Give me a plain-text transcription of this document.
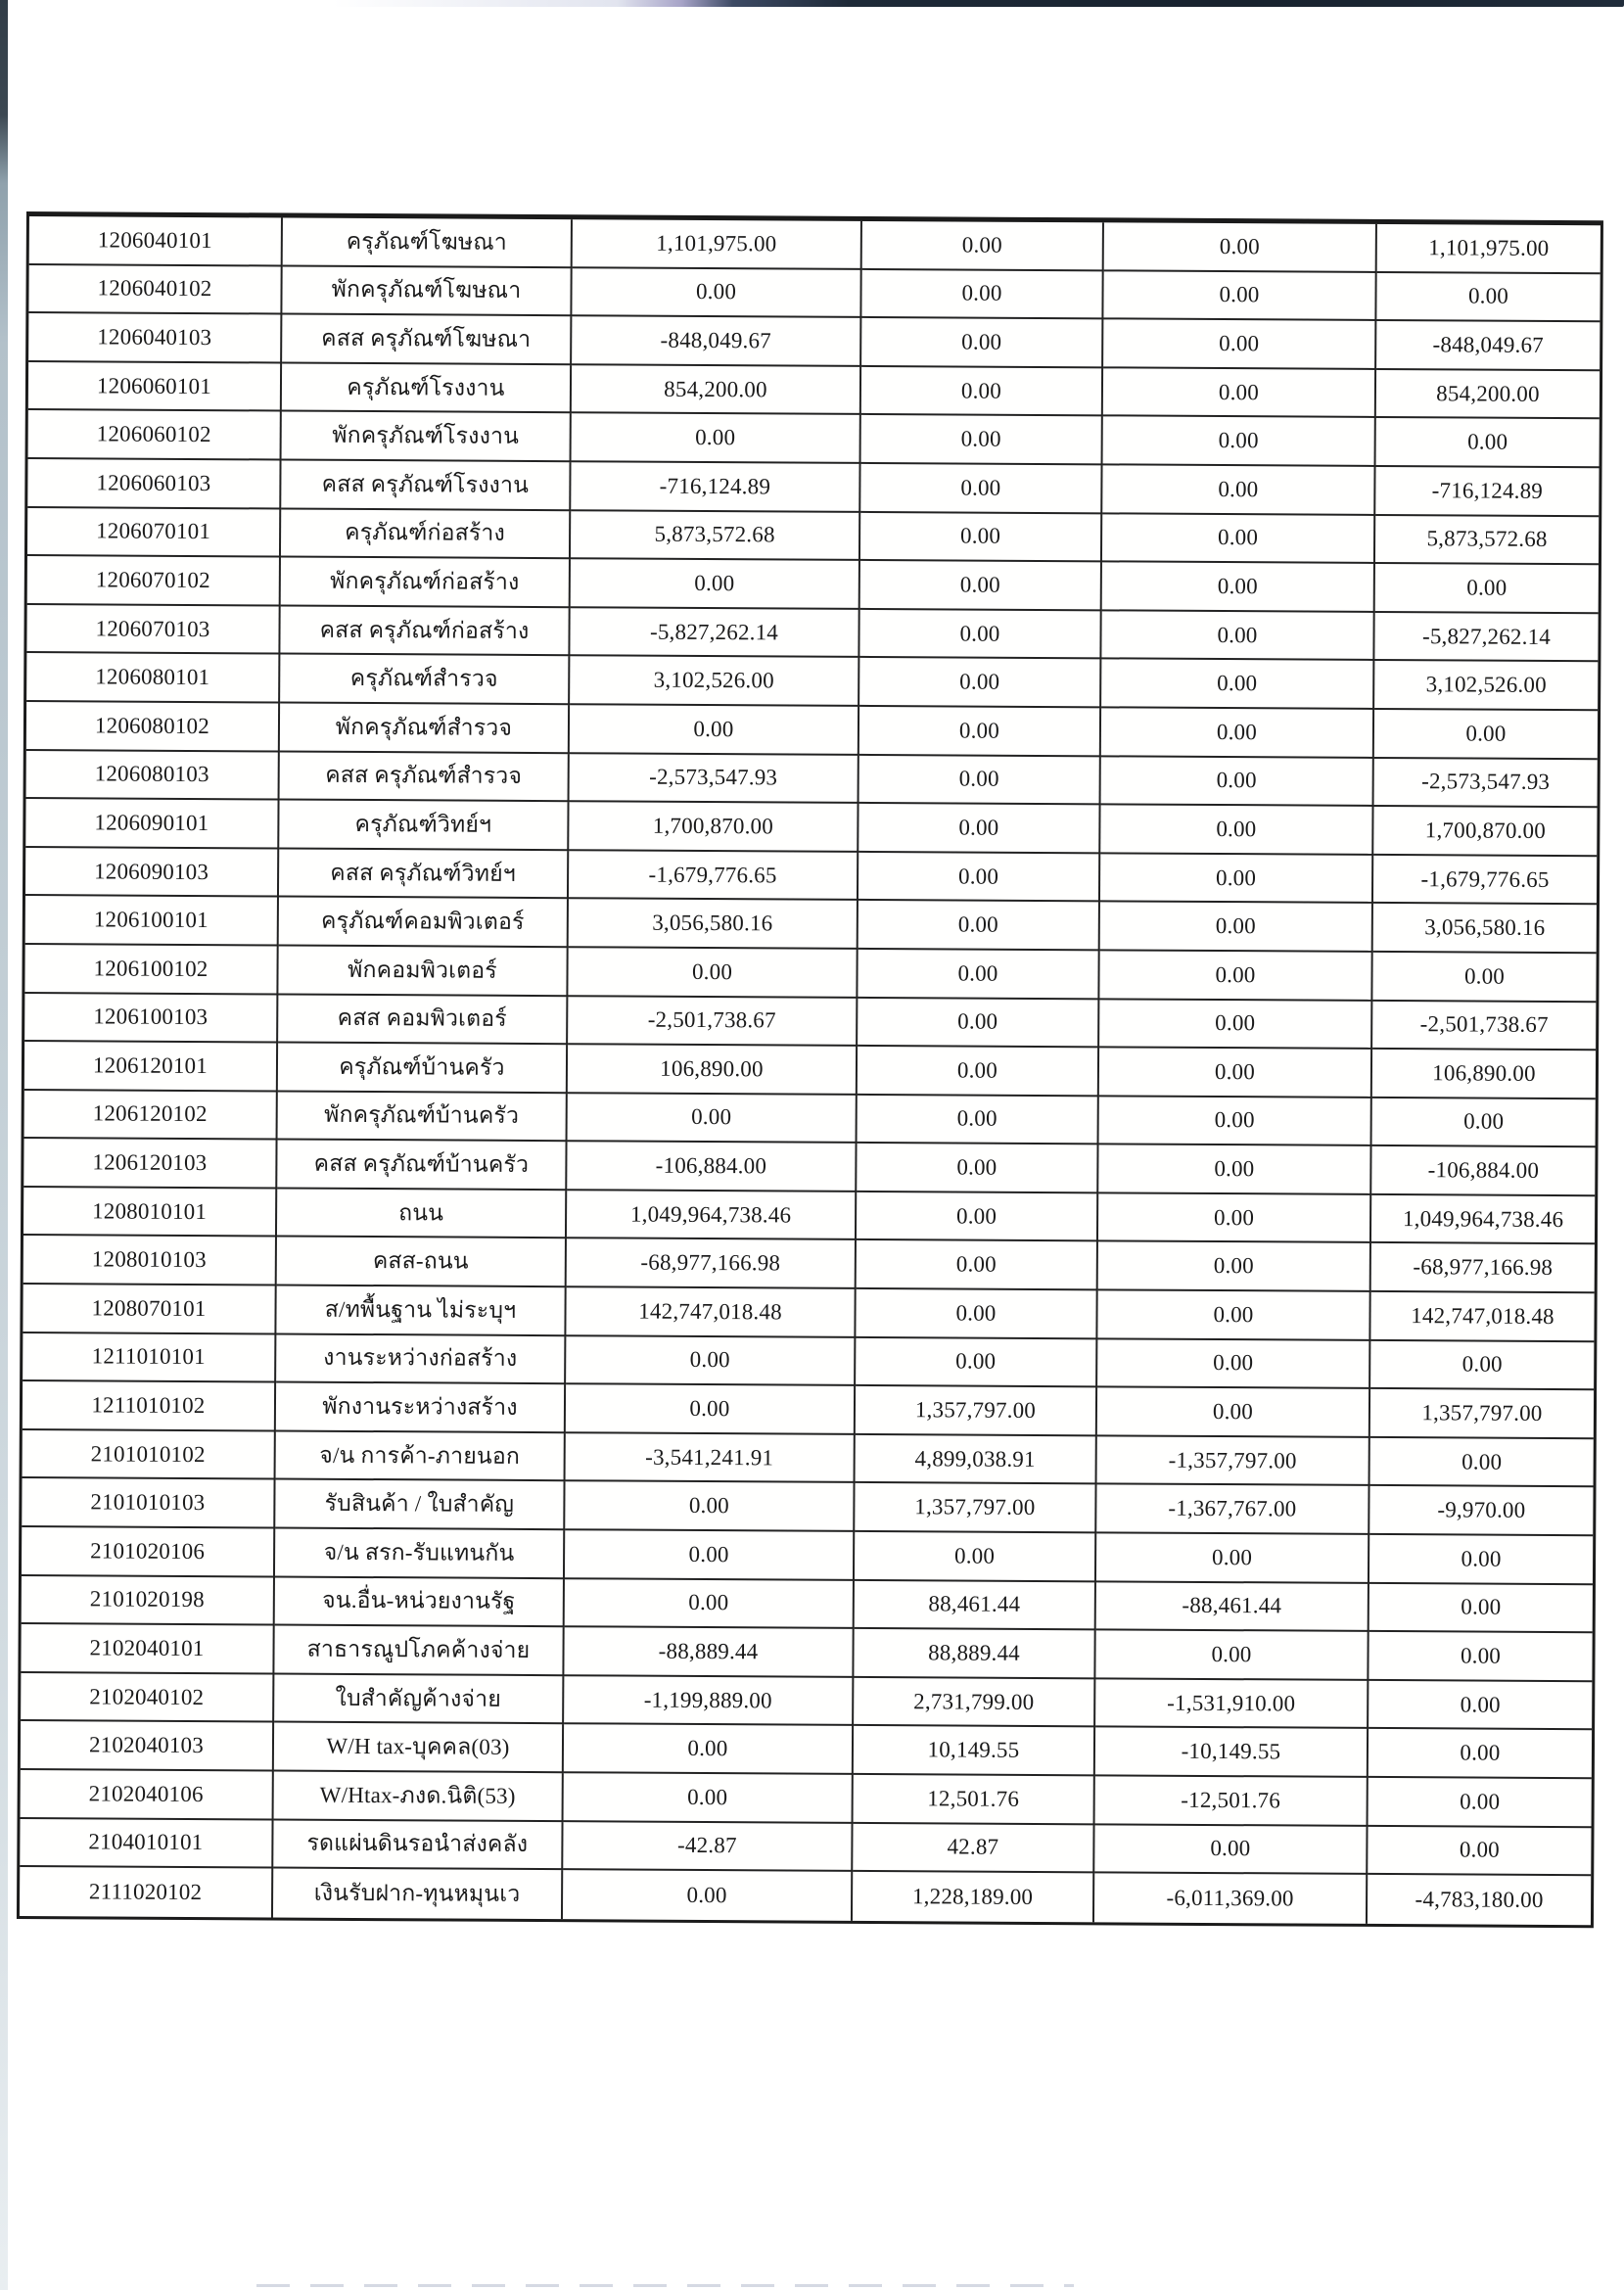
1206040101	ครุภัณฑ์โฆษณา	1,101,975.00	0.00	0.00	1,101,975.00
1206040102	พักครุภัณฑ์โฆษณา	0.00	0.00	0.00	0.00
1206040103	คสส ครุภัณฑ์โฆษณา	-848,049.67	0.00	0.00	-848,049.67
1206060101	ครุภัณฑ์โรงงาน	854,200.00	0.00	0.00	854,200.00
1206060102	พักครุภัณฑ์โรงงาน	0.00	0.00	0.00	0.00
1206060103	คสส ครุภัณฑ์โรงงาน	-716,124.89	0.00	0.00	-716,124.89
1206070101	ครุภัณฑ์ก่อสร้าง	5,873,572.68	0.00	0.00	5,873,572.68
1206070102	พักครุภัณฑ์ก่อสร้าง	0.00	0.00	0.00	0.00
1206070103	คสส ครุภัณฑ์ก่อสร้าง	-5,827,262.14	0.00	0.00	-5,827,262.14
1206080101	ครุภัณฑ์สำรวจ	3,102,526.00	0.00	0.00	3,102,526.00
1206080102	พักครุภัณฑ์สำรวจ	0.00	0.00	0.00	0.00
1206080103	คสส ครุภัณฑ์สำรวจ	-2,573,547.93	0.00	0.00	-2,573,547.93
1206090101	ครุภัณฑ์วิทย์ฯ	1,700,870.00	0.00	0.00	1,700,870.00
1206090103	คสส ครุภัณฑ์วิทย์ฯ	-1,679,776.65	0.00	0.00	-1,679,776.65
1206100101	ครุภัณฑ์คอมพิวเตอร์	3,056,580.16	0.00	0.00	3,056,580.16
1206100102	พักคอมพิวเตอร์	0.00	0.00	0.00	0.00
1206100103	คสส คอมพิวเตอร์	-2,501,738.67	0.00	0.00	-2,501,738.67
1206120101	ครุภัณฑ์บ้านครัว	106,890.00	0.00	0.00	106,890.00
1206120102	พักครุภัณฑ์บ้านครัว	0.00	0.00	0.00	0.00
1206120103	คสส ครุภัณฑ์บ้านครัว	-106,884.00	0.00	0.00	-106,884.00
1208010101	ถนน	1,049,964,738.46	0.00	0.00	1,049,964,738.46
1208010103	คสส-ถนน	-68,977,166.98	0.00	0.00	-68,977,166.98
1208070101	ส/ทพื้นฐาน ไม่ระบุฯ	142,747,018.48	0.00	0.00	142,747,018.48
1211010101	งานระหว่างก่อสร้าง	0.00	0.00	0.00	0.00
1211010102	พักงานระหว่างสร้าง	0.00	1,357,797.00	0.00	1,357,797.00
2101010102	จ/น การค้า-ภายนอก	-3,541,241.91	4,899,038.91	-1,357,797.00	0.00
2101010103	รับสินค้า / ใบสำคัญ	0.00	1,357,797.00	-1,367,767.00	-9,970.00
2101020106	จ/น สรก-รับแทนกัน	0.00	0.00	0.00	0.00
2101020198	จน.อื่น-หน่วยงานรัฐ	0.00	88,461.44	-88,461.44	0.00
2102040101	สาธารณูปโภคค้างจ่าย	-88,889.44	88,889.44	0.00	0.00
2102040102	ใบสำคัญค้างจ่าย	-1,199,889.00	2,731,799.00	-1,531,910.00	0.00
2102040103	W/H tax-บุคคล(03)	0.00	10,149.55	-10,149.55	0.00
2102040106	W/Htax-ภงด.นิติ(53)	0.00	12,501.76	-12,501.76	0.00
2104010101	รดแผ่นดินรอนำส่งคลัง	-42.87	42.87	0.00	0.00
2111020102	เงินรับฝาก-ทุนหมุนเว	0.00	1,228,189.00	-6,011,369.00	-4,783,180.00
